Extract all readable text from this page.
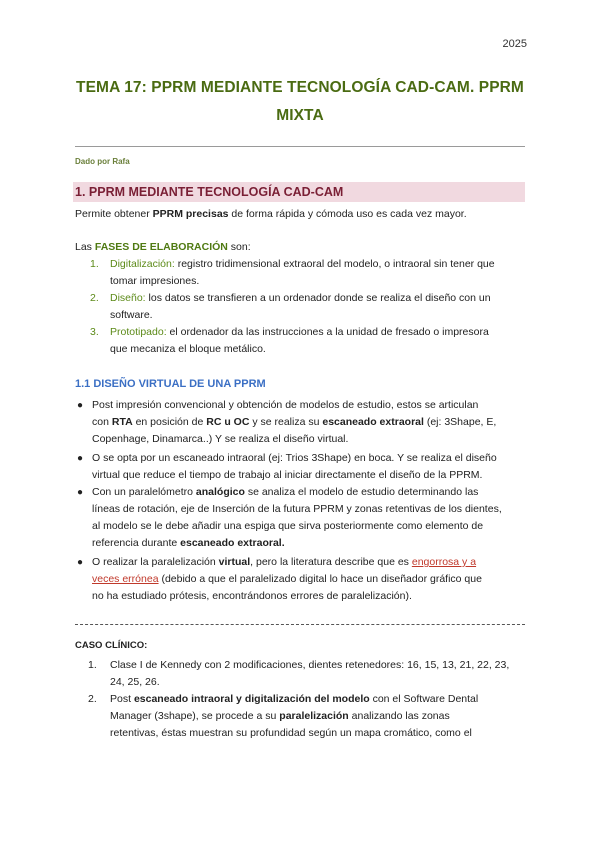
2025
TEMA 17: PPRM MEDIANTE TECNOLOGÍA CAD-CAM. PPRM
MIXTA
Dado por Rafa
1. PPRM MEDIANTE TECNOLOGÍA CAD-CAM
Permite obtener PPRM precisas de forma rápida y cómoda uso es cada vez mayor.
Las FASES DE ELABORACIÓN son:
1. Digitalización: registro tridimensional extraoral del modelo, o intraoral sin tener que
tomar impresiones.
2. Diseño: los datos se transfieren a un ordenador donde se realiza el diseño con un
software.
3. Prototipado: el ordenador da las instrucciones a la unidad de fresado o impresora
que mecaniza el bloque metálico.
1.1 DISEÑO VIRTUAL DE UNA PPRM
● Post impresión convencional y obtención de modelos de estudio, estos se articulan
con RTA en posición de RC u OC y se realiza su escaneado extraoral (ej: 3Shape, E,
Copenhage, Dinamarca..) Y se realiza el diseño virtual.
● O se opta por un escaneado intraoral (ej: Trios 3Shape) en boca. Y se realiza el diseño
virtual que reduce el tiempo de trabajo al iniciar directamente el diseño de la PPRM.
● Con un paralelómetro analógico se analiza el modelo de estudio determinando las
líneas de rotación, eje de Inserción de la futura PPRM y zonas retentivas de los dientes,
al modelo se le debe añadir una espiga que sirva posteriormente como elemento de
referencia durante escaneado extraoral.
● O realizar la paralelización virtual, pero la literatura describe que es engorrosa y a
veces errónea (debido a que el paralelizado digital lo hace un diseñador gráfico que
no ha estudiado prótesis, encontrándonos errores de paralelización).
CASO CLÍNICO:
1. Clase I de Kennedy con 2 modificaciones, dientes retenedores: 16, 15, 13, 21, 22, 23,
24, 25, 26.
2. Post escaneado intraoral y digitalización del modelo con el Software Dental
Manager (3shape), se procede a su paralelización analizando las zonas
retentivas, éstas muestran su profundidad según un mapa cromático, como el
